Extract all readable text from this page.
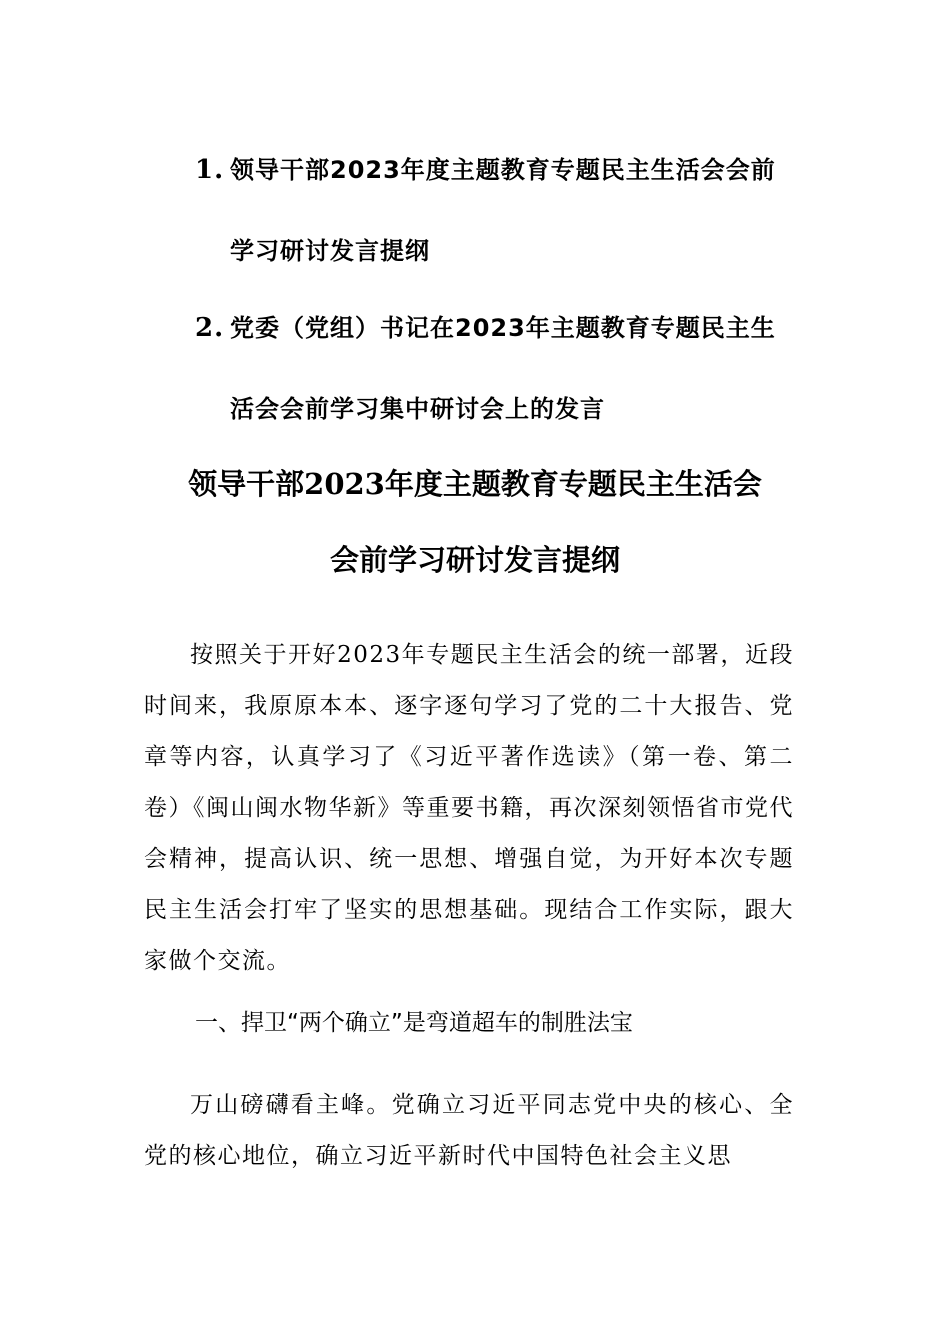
1. 领导干部2023年度主题教育专题民主生活会会前
学习研讨发言提纲
2. 党委（党组）书记在2023年主题教育专题民主生
活会会前学习集中研讨会上的发言
领导干部2023年度主题教育专题民主生活会
会前学习研讨发言提纲

按照关于开好2023年专题民主生活会的统一部署，近段时间来，我原原本本、逐字逐句学习了党的二十大报告、党章等内容，认真学习了《习近平著作选读》（第一卷、第二卷）《闽山闽水物华新》等重要书籍，再次深刻领悟省市党代会精神，提高认识、统一思想、增强自觉，为开好本次专题民主生活会打牢了坚实的思想基础。现结合工作实际，跟大家做个交流。

一、捍卫“两个确立”是弯道超车的制胜法宝

万山磅礴看主峰。党确立习近平同志党中央的核心、全党的核心地位，确立习近平新时代中国特色社会主义思
